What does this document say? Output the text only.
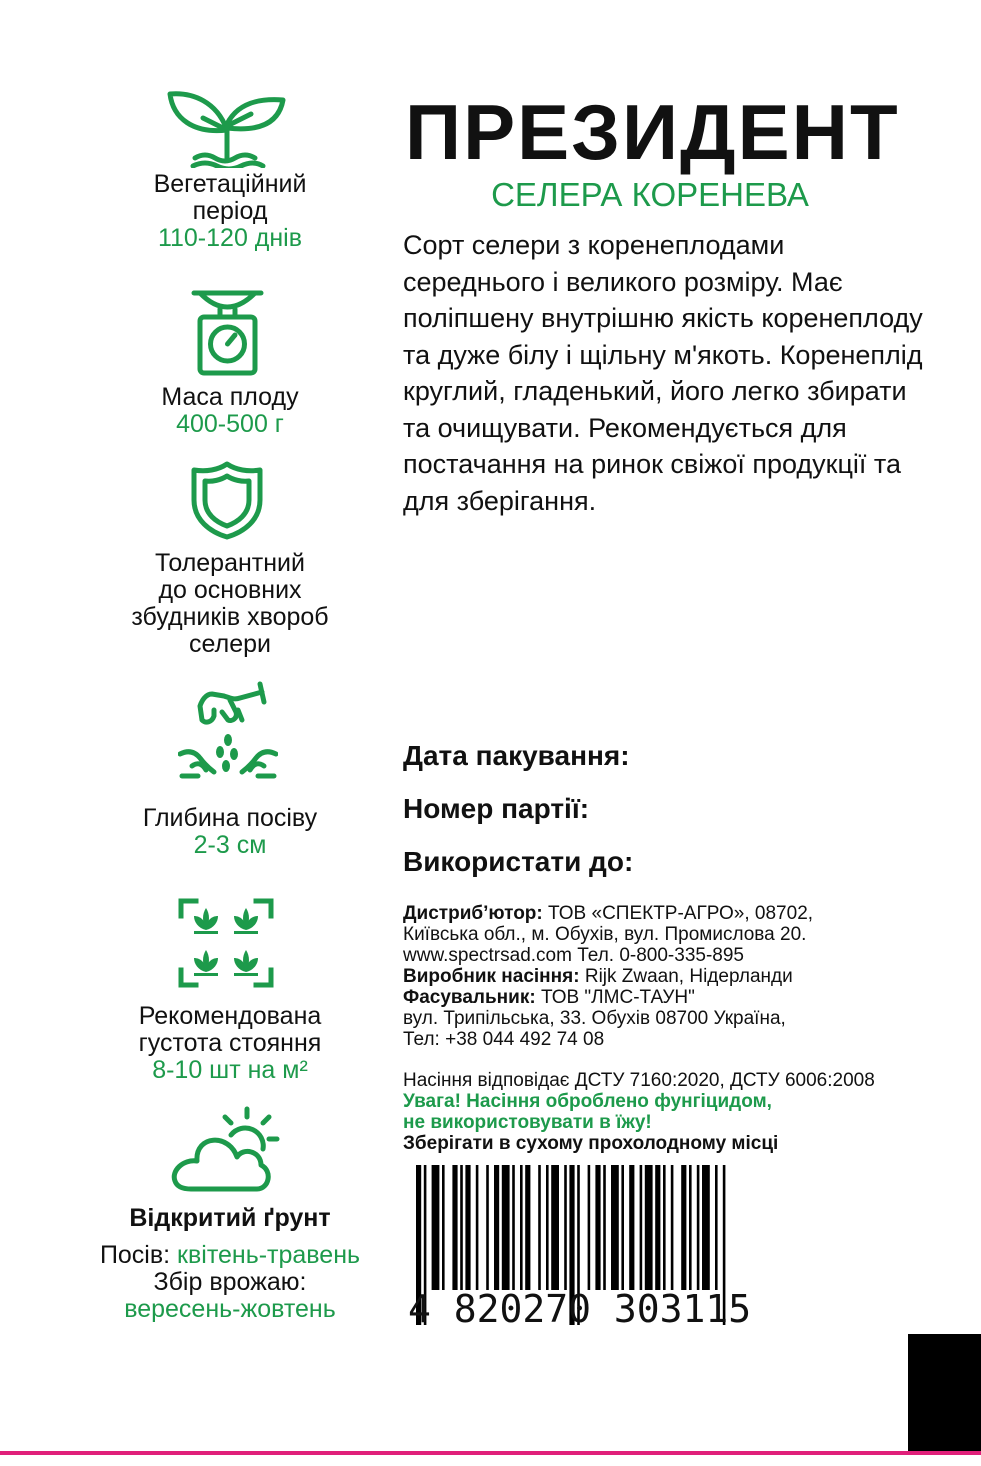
Вегетаційний
період
110-120 днів
Маса плоду
400-500 г
Толерантний
до основних
збудників хвороб
селери
Глибина посіву
2-3 см
Рекомендована
густота стояння
8-10 шт на м²
Відкритий ґрунт
Посів: квітень-травень
Збір врожаю:
вересень-жовтень
ПРЕЗИДЕНТ
СЕЛЕРА КОРЕНЕВА
Сорт селери з коренеплодами середнього і великого розміру. Має поліпшену внутрішню якість коренеплоду та дуже білу і щільну м'якоть. Коренеплід круглий, гладенький, його легко збирати та очищувати. Рекомендується для постачання на ринок свіжої продукції та для зберігання.
Дата пакування:
Номер партії:
Використати до:
Дистриб’ютор: ТОВ «СПЕКТР-АГРО», 08702,
Київська обл., м. Обухів, вул. Промислова 20.
www.spectrsad.com Тел. 0-800-335-895
Виробник насіння: Rijk Zwaan, Нідерланди
Фасувальник: ТОВ "ЛМС-ТАУН"
вул. Трипільська, 33. Обухів 08700 Україна,
Тел: +38 044 492 74 08
Насіння відповідає ДСТУ 7160:2020, ДСТУ 6006:2008
Увага! Насіння оброблено фунгіцидом,
не використовувати в їжу!
Зберігати в сухому прохолодному місці
4 820270 303115
